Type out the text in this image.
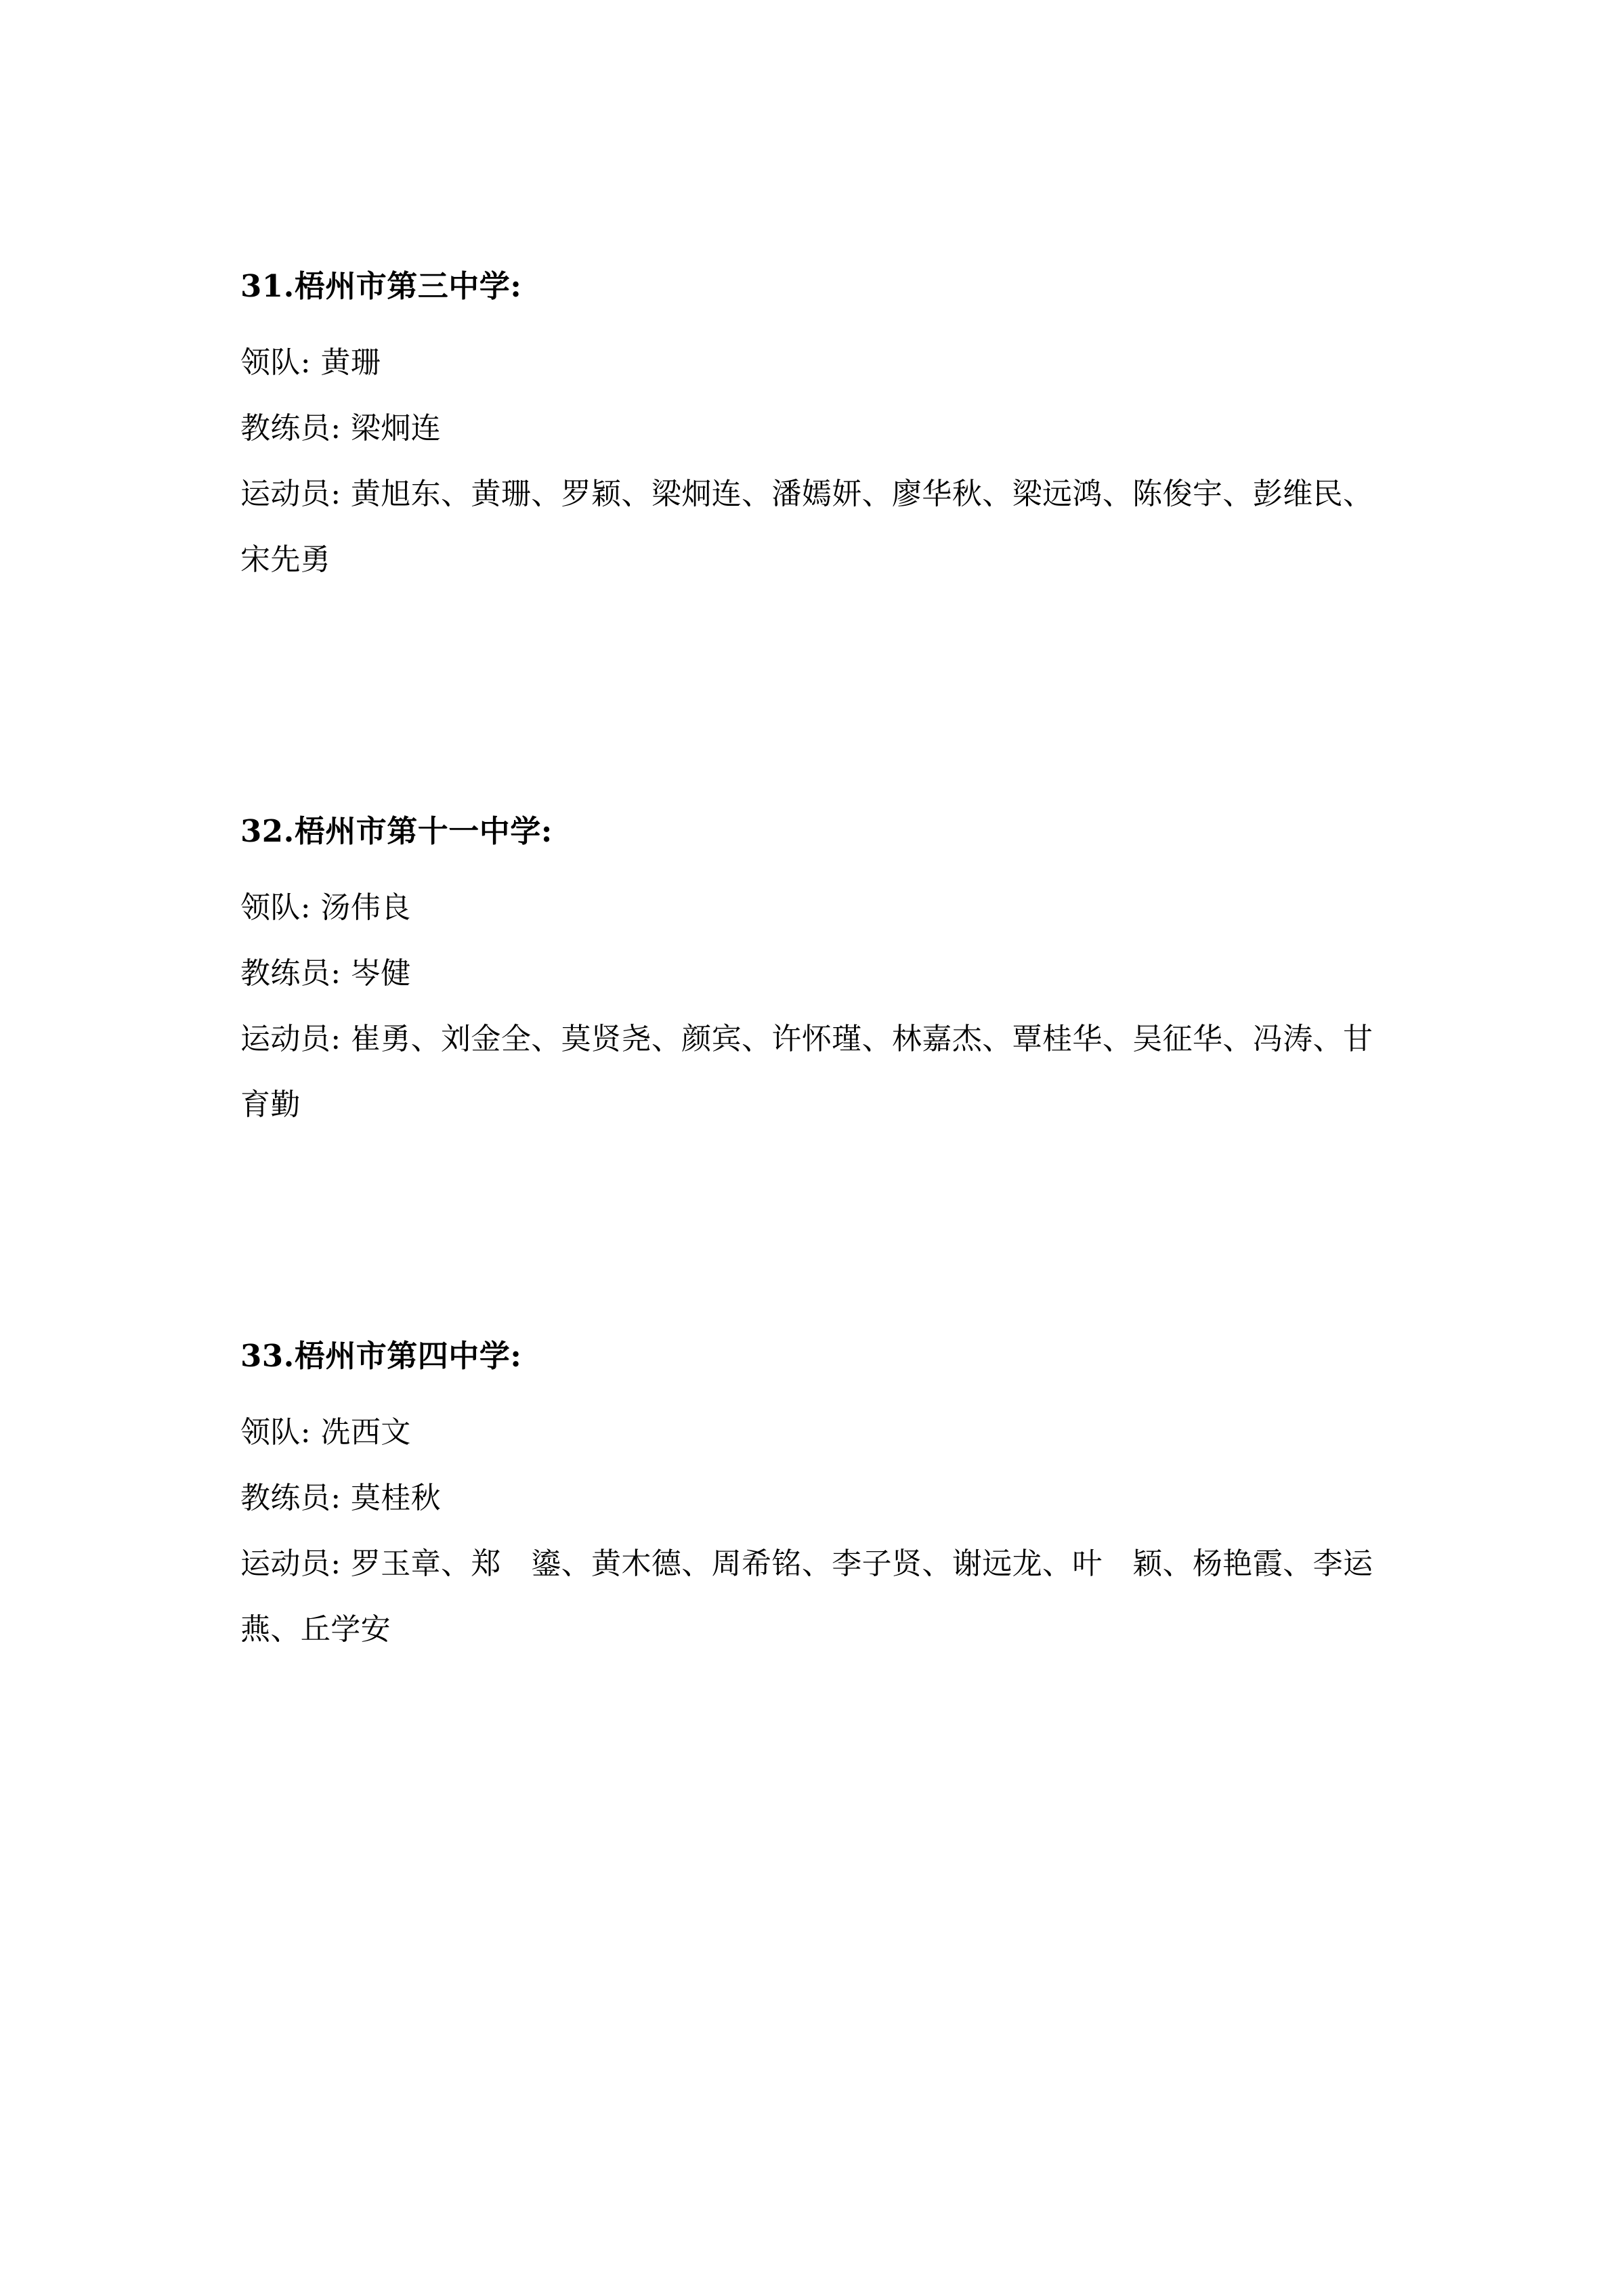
31.梧州市第三中学:

领队: 黄珊

教练员: 梁炯连

运动员: 黄旭东、黄珊、罗颖、梁炯连、潘嫣妍、廖华秋、梁远鸿、陈俊宇、彭维民、宋先勇

32.梧州市第十一中学:

领队: 汤伟良

教练员: 岑健

运动员: 崔勇、刘金全、莫贤尧、颜宾、许怀瑾、林嘉杰、覃桂华、吴征华、冯涛、甘育勤

33.梧州市第四中学:

领队: 冼西文

教练员: 莫桂秋

运动员: 罗玉章、郑　鎏、黄木德、周希铭、李子贤、谢远龙、叶　颖、杨艳霞、李运燕、丘学安
